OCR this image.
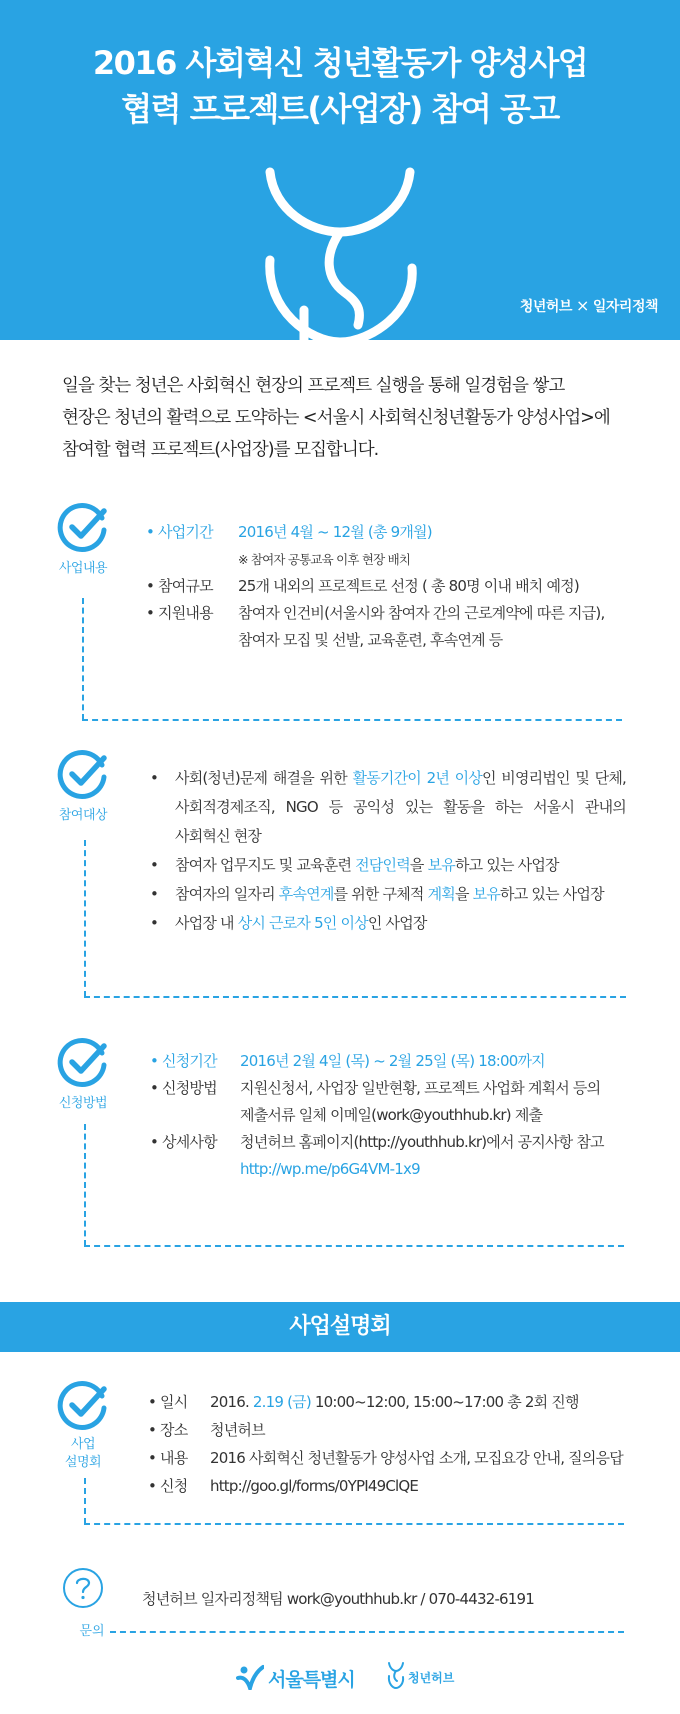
2016 사회혁신 청년활동가 양성사업
협력 프로젝트(사업장) 참여 공고
청년허브 × 일자리정책

일을 찾는 청년은 사회혁신 현장의 프로젝트 실행을 통해 일경험을 쌓고

현장은 청년의 활력으로 도약하는 <서울시 사회혁신청년활동가 양성사업>에

참여할 협력 프로젝트(사업장)를 모집합니다.

사업내용
• 사업기간 2016년 4월 ~ 12월 (총 9개월)

※ 참여자 공통교육 이후 현장 배치

• 참여규모 25개 내외의 프로젝트로 선정 ( 총 80명 이내 배치 예정)

• 지원내용 참여자 인건비(서울시와 참여자 간의 근로계약에 따른 지급),

참여자 모집 및 선발, 교육훈련, 후속연계 등

참여대상
• 사회(청년)문제 해결을 위한 활동기간이 2년 이상인 비영리법인 및 단체,

사회적경제조직, NGO 등 공익성 있는 활동을 하는 서울시 관내의

사회혁신 현장

• 참여자 업무지도 및 교육훈련 전담인력을 보유하고 있는 사업장

• 참여자의 일자리 후속연계를 위한 구체적 계획을 보유하고 있는 사업장

• 사업장 내 상시 근로자 5인 이상인 사업장

신청방법
• 신청기간 2016년 2월 4일 (목) ~ 2월 25일 (목) 18:00까지

• 신청방법 지원신청서, 사업장 일반현황, 프로젝트 사업화 계획서 등의

제출서류 일체 이메일(work@youthhub.kr) 제출

• 상세사항 청년허브 홈페이지(http://youthhub.kr)에서 공지사항 참고

http://wp.me/p6G4VM-1x9

사업설명회
사업
설명회
• 일시 2016. 2.19 (금) 10:00~12:00, 15:00~17:00 총 2회 진행

• 장소 청년허브

• 내용 2016 사회혁신 청년활동가 양성사업 소개, 모집요강 안내, 질의응답

• 신청 http://goo.gl/forms/0YPI49ClQE

청년허브 일자리정책팀 work@youthhub.kr / 070-4432-6191
문의
서울특별시	청년허브
